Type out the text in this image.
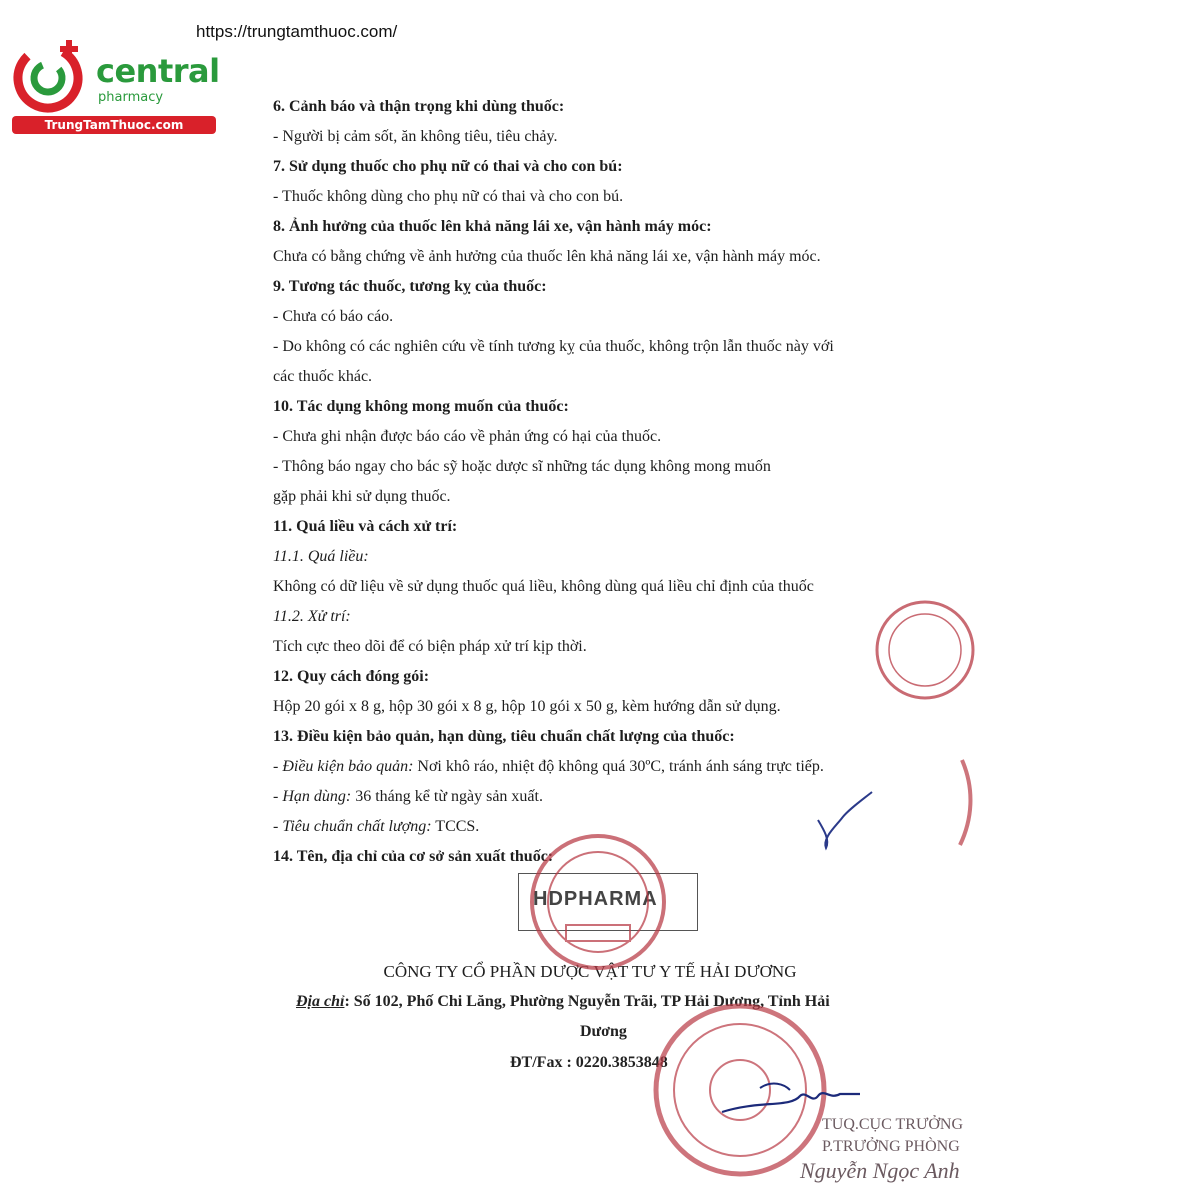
https://trungtamthuoc.com/
central
pharmacy
TrungTamThuoc.com
6. Cảnh báo và thận trọng khi dùng thuốc:
- Người bị cảm sốt, ăn không tiêu, tiêu chảy.
7. Sử dụng thuốc cho phụ nữ có thai và cho con bú:
- Thuốc không dùng cho phụ nữ có thai và cho con bú.
8. Ảnh hưởng của thuốc lên khả năng lái xe, vận hành máy móc:
Chưa có bằng chứng về ảnh hưởng của thuốc lên khả năng lái xe, vận hành máy móc.
9. Tương tác thuốc, tương kỵ của thuốc:
- Chưa có báo cáo.
- Do không có các nghiên cứu về tính tương kỵ của thuốc, không trộn lẫn thuốc này với
các thuốc khác.
10. Tác dụng không mong muốn của thuốc:
- Chưa ghi nhận được báo cáo về phản ứng có hại của thuốc.
- Thông báo ngay cho bác sỹ hoặc dược sĩ những tác dụng không mong muốn
gặp phải khi sử dụng thuốc.
11. Quá liều và cách xử trí:
11.1. Quá liều:
Không có dữ liệu về sử dụng thuốc quá liều, không dùng quá liều chỉ định của thuốc
11.2. Xử trí:
Tích cực theo dõi để có biện pháp xử trí kịp thời.
12. Quy cách đóng gói:
Hộp 20 gói x 8 g, hộp 30 gói x 8 g, hộp 10 gói x 50 g, kèm hướng dẫn sử dụng.
13. Điều kiện bảo quản, hạn dùng, tiêu chuẩn chất lượng của thuốc:
- Điều kiện bảo quản: Nơi khô ráo, nhiệt độ không quá 30ºC, tránh ánh sáng trực tiếp.
- Hạn dùng: 36 tháng kể từ ngày sản xuất.
- Tiêu chuẩn chất lượng: TCCS.
14. Tên, địa chỉ của cơ sở sản xuất thuốc:
HDPHARMA
CÔNG TY CỔ PHẦN DƯỢC VẬT TƯ Y TẾ HẢI DƯƠNG
Địa chỉ: Số 102, Phố Chi Lăng, Phường Nguyễn Trãi, TP Hải Dương, Tỉnh Hải
Dương
ĐT/Fax : 0220.3853848
TUQ.CỤC TRƯỞNG
P.TRƯỞNG PHÒNG
Nguyễn Ngọc Anh
